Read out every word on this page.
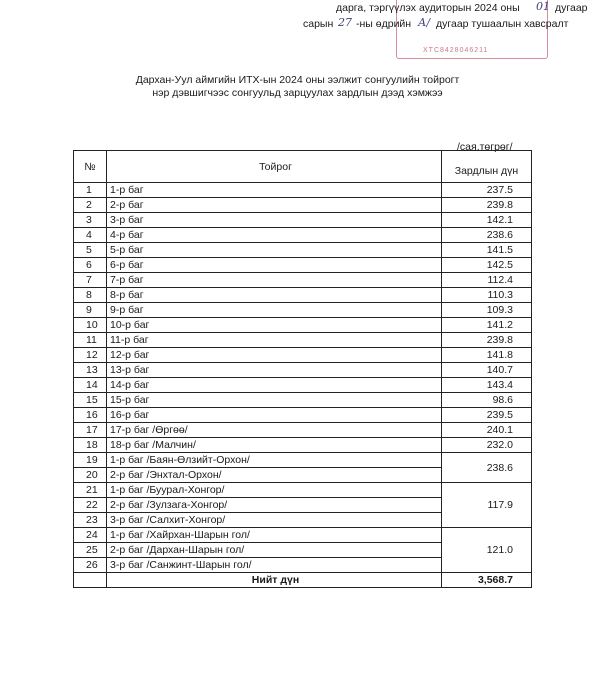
ХТС8428046211
дарга, тэргүүлэх аудиторын 2024 оны 01 дугаар
сарын 27 -ны өдрийн А/ дугаар тушаалын хавсралт
Дархан-Уул аймгийн ИТХ-ын 2024 оны ээлжит сонгуулийн тойрогт
нэр дэвшигчээс сонгуульд зарцуулах зардлын дээд хэмжээ
/сая.төгрөг/
№	Тойрог	Зардлын дүн
1	1-р баг	237.5
2	2-р баг	239.8
3	3-р баг	142.1
4	4-р баг	238.6
5	5-р баг	141.5
6	6-р баг	142.5
7	7-р баг	112.4
8	8-р баг	110.3
9	9-р баг	109.3
10	10-р баг	141.2
11	11-р баг	239.8
12	12-р баг	141.8
13	13-р баг	140.7
14	14-р баг	143.4
15	15-р баг	98.6
16	16-р баг	239.5
17	17-р баг /Өргөө/	240.1
18	18-р баг /Малчин/	232.0
19	1-р баг /Баян-Өлзийт-Орхон/	238.6
20	2-р баг /Энхтал-Орхон/	
21	1-р баг /Буурал-Хонгор/	117.9
22	2-р баг /Зулзага-Хонгор/	
23	3-р баг /Салхит-Хонгор/	
24	1-р баг /Хайрхан-Шарын гол/	121.0
25	2-р баг /Дархан-Шарын гол/	
26	3-р баг /Санжинт-Шарын гол/	
	Нийт дүн	3,568.7
